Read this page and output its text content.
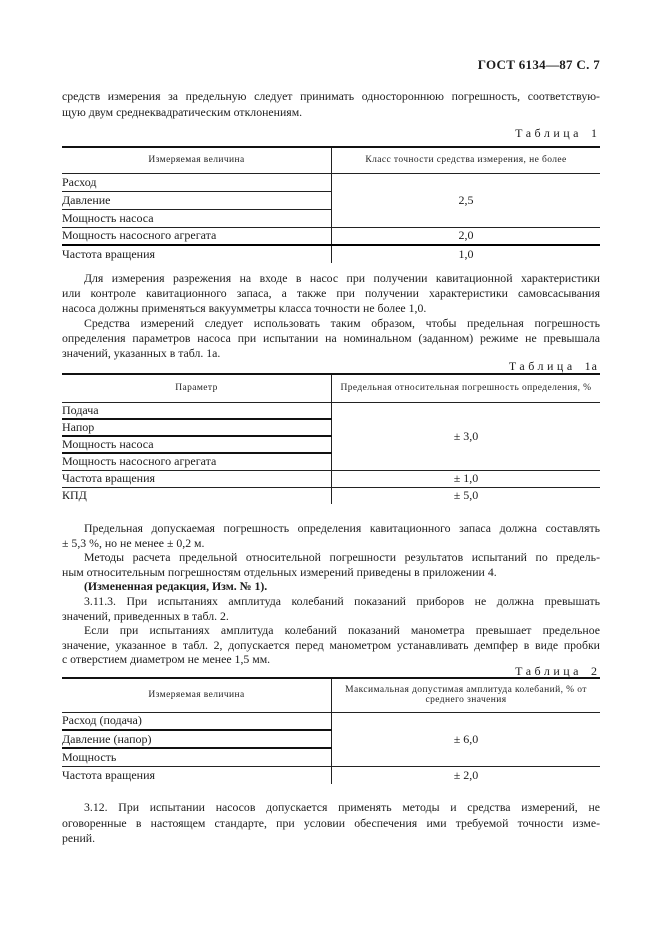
ГОСТ 6134—87 С. 7
средств измерения за предельную следует принимать одностороннюю погрешность, соответствую-
щую двум среднеквадратическим отклонениям.
Таблица 1
Измеряемая величина	Класс точности средства измерения, не более
Расход	2,5
Давление	
Мощность насоса	
Мощность насосного агрегата	2,0
Частота вращения	1,0
Для измерения разрежения на входе в насос при получении кавитационной характеристики
или контроле кавитационного запаса, а также при получении характеристики самовсасывания
насоса должны применяться вакуумметры класса точности не более 1,0.
Средства измерений следует использовать таким образом, чтобы предельная погрешность
определения параметров насоса при испытании на номинальном (заданном) режиме не превышала
значений, указанных в табл. 1а.
Таблица 1а
Параметр	Предельная относительная погрешность определения, %
Подача	± 3,0
Напор	
Мощность насоса	
Мощность насосного агрегата	
Частота вращения	± 1,0
КПД	± 5,0
Предельная допускаемая погрешность определения кавитационного запаса должна составлять
± 5,3 %, но не менее ± 0,2 м.
Методы расчета предельной относительной погрешности результатов испытаний по предель-
ным относительным погрешностям отдельных измерений приведены в приложении 4.
(Измененная редакция, Изм. № 1).
3.11.3. При испытаниях амплитуда колебаний показаний приборов не должна превышать
значений, приведенных в табл. 2.
Если при испытаниях амплитуда колебаний показаний манометра превышает предельное
значение, указанное в табл. 2, допускается перед манометром устанавливать демпфер в виде пробки
с отверстием диаметром не менее 1,5 мм.
Таблица 2
Измеряемая величина	Максимальная допустимая амплитуда колебаний, % от среднего значения
Расход (подача)	± 6,0
Давление (напор)	
Мощность	
Частота вращения	± 2,0
3.12. При испытании насосов допускается применять методы и средства измерений, не
оговоренные в настоящем стандарте, при условии обеспечения ими требуемой точности изме-
рений.
